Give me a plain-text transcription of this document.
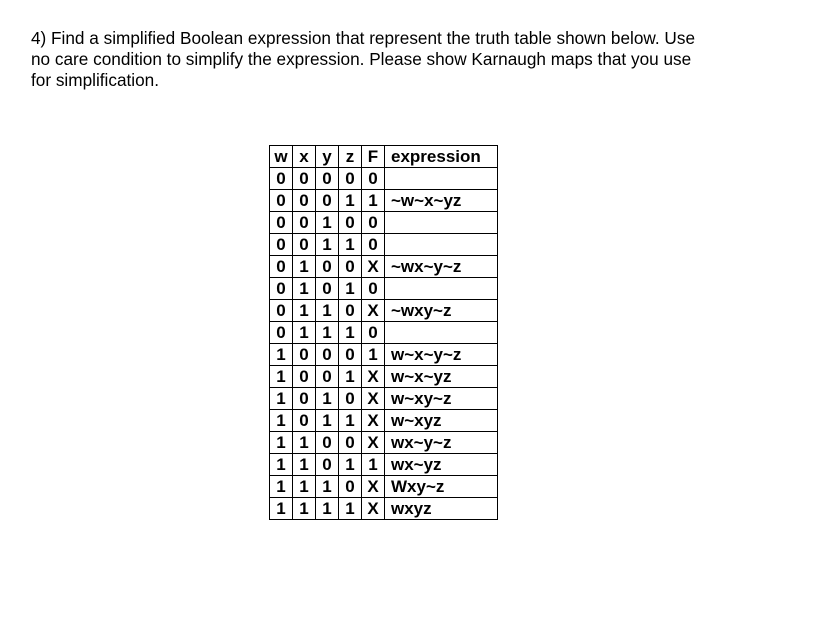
4) Find a simplified Boolean expression that represent the truth table shown below. Use

no care condition to simplify the expression. Please show Karnaugh maps that you use

for simplification.

w	x	y	z	F	expression
0	0	0	0	0	
0	0	0	1	1	~w~x~yz
0	0	1	0	0	
0	0	1	1	0	
0	1	0	0	X	~wx~y~z
0	1	0	1	0	
0	1	1	0	X	~wxy~z
0	1	1	1	0	
1	0	0	0	1	w~x~y~z
1	0	0	1	X	w~x~yz
1	0	1	0	X	w~xy~z
1	0	1	1	X	w~xyz
1	1	0	0	X	wx~y~z
1	1	0	1	1	wx~yz
1	1	1	0	X	Wxy~z
1	1	1	1	X	wxyz
